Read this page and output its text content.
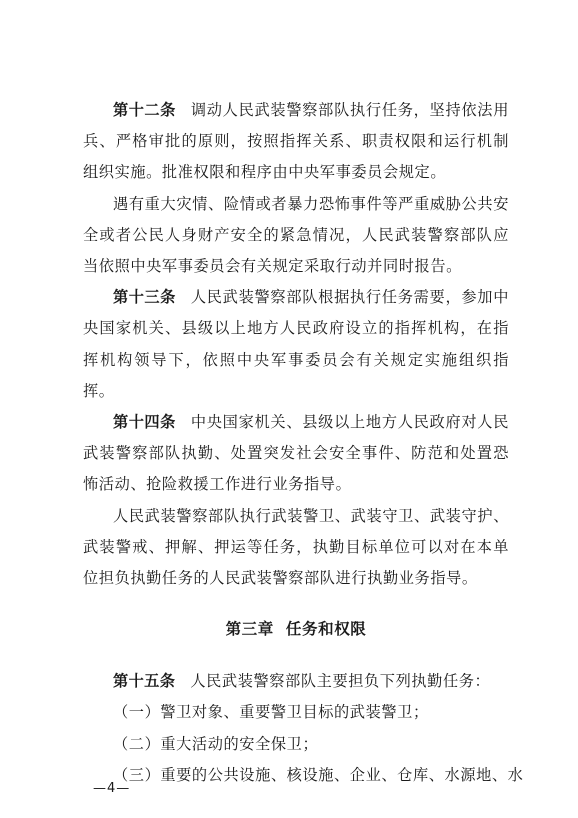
第十二条 调动人民武装警察部队执行任务，坚持依法用兵、严格审批的原则，按照指挥关系、职责权限和运行机制组织实施。批准权限和程序由中央军事委员会规定。

遇有重大灾情、险情或者暴力恐怖事件等严重威胁公共安全或者公民人身财产安全的紧急情况，人民武装警察部队应当依照中央军事委员会有关规定采取行动并同时报告。

第十三条 人民武装警察部队根据执行任务需要，参加中央国家机关、县级以上地方人民政府设立的指挥机构，在指挥机构领导下，依照中央军事委员会有关规定实施组织指挥。

第十四条 中央国家机关、县级以上地方人民政府对人民武装警察部队执勤、处置突发社会安全事件、防范和处置恐怖活动、抢险救援工作进行业务指导。

人民武装警察部队执行武装警卫、武装守卫、武装守护、武装警戒、押解、押运等任务，执勤目标单位可以对在本单位担负执勤任务的人民武装警察部队进行执勤业务指导。

第三章 任务和权限

第十五条 人民武装警察部队主要担负下列执勤任务：

（一）警卫对象、重要警卫目标的武装警卫；

（二）重大活动的安全保卫；

（三）重要的公共设施、核设施、企业、仓库、水源地、水

—4—
